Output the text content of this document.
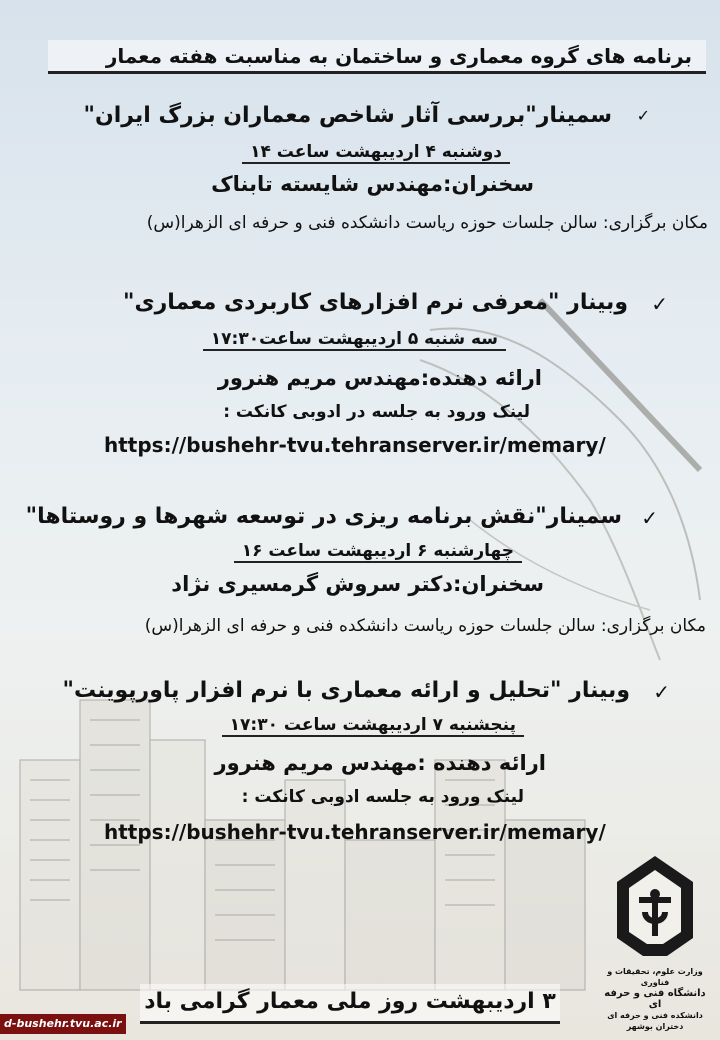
برنامه های گروه معماری و ساختمان به مناسبت هفته معمار
✓
سمینار"بررسی آثار شاخص معماران بزرگ ایران"
دوشنبه ۴ اردیبهشت ساعت ۱۴
سخنران:مهندس شایسته تابناک
مکان برگزاری: سالن جلسات حوزه ریاست دانشکده فنی و حرفه ای الزهرا(س)
✓
وبینار "معرفی نرم افزارهای کاربردی معماری"
سه شنبه ۵ اردیبهشت ساعت۱۷:۳۰
ارائه دهنده:مهندس مریم هنرور
لینک ورود به جلسه در ادوبی کانکت :
https://bushehr-tvu.tehranserver.ir/memary/
✓
سمینار"نقش برنامه ریزی در توسعه شهرها و روستاها"
چهارشنبه ۶ اردیبهشت ساعت ۱۶
سخنران:دکتر سروش گرمسیری نژاد
مکان برگزاری: سالن جلسات حوزه ریاست دانشکده فنی و حرفه ای الزهرا(س)
✓
وبینار "تحلیل و ارائه معماری با نرم افزار پاورپوینت"
پنجشنبه ۷ اردیبهشت ساعت ۱۷:۳۰
ارائه دهنده :مهندس مریم هنرور
لینک ورود به جلسه ادوبی کانکت :
https://bushehr-tvu.tehranserver.ir/memary/
وزارت علوم، تحقیقات و فناوری
دانشگاه فنی و حرفه ای
دانشکده فنی و حرفه ای دختران بوشهر
۳ اردیبهشت روز ملی معمار گرامی باد
d-bushehr.tvu.ac.ir
